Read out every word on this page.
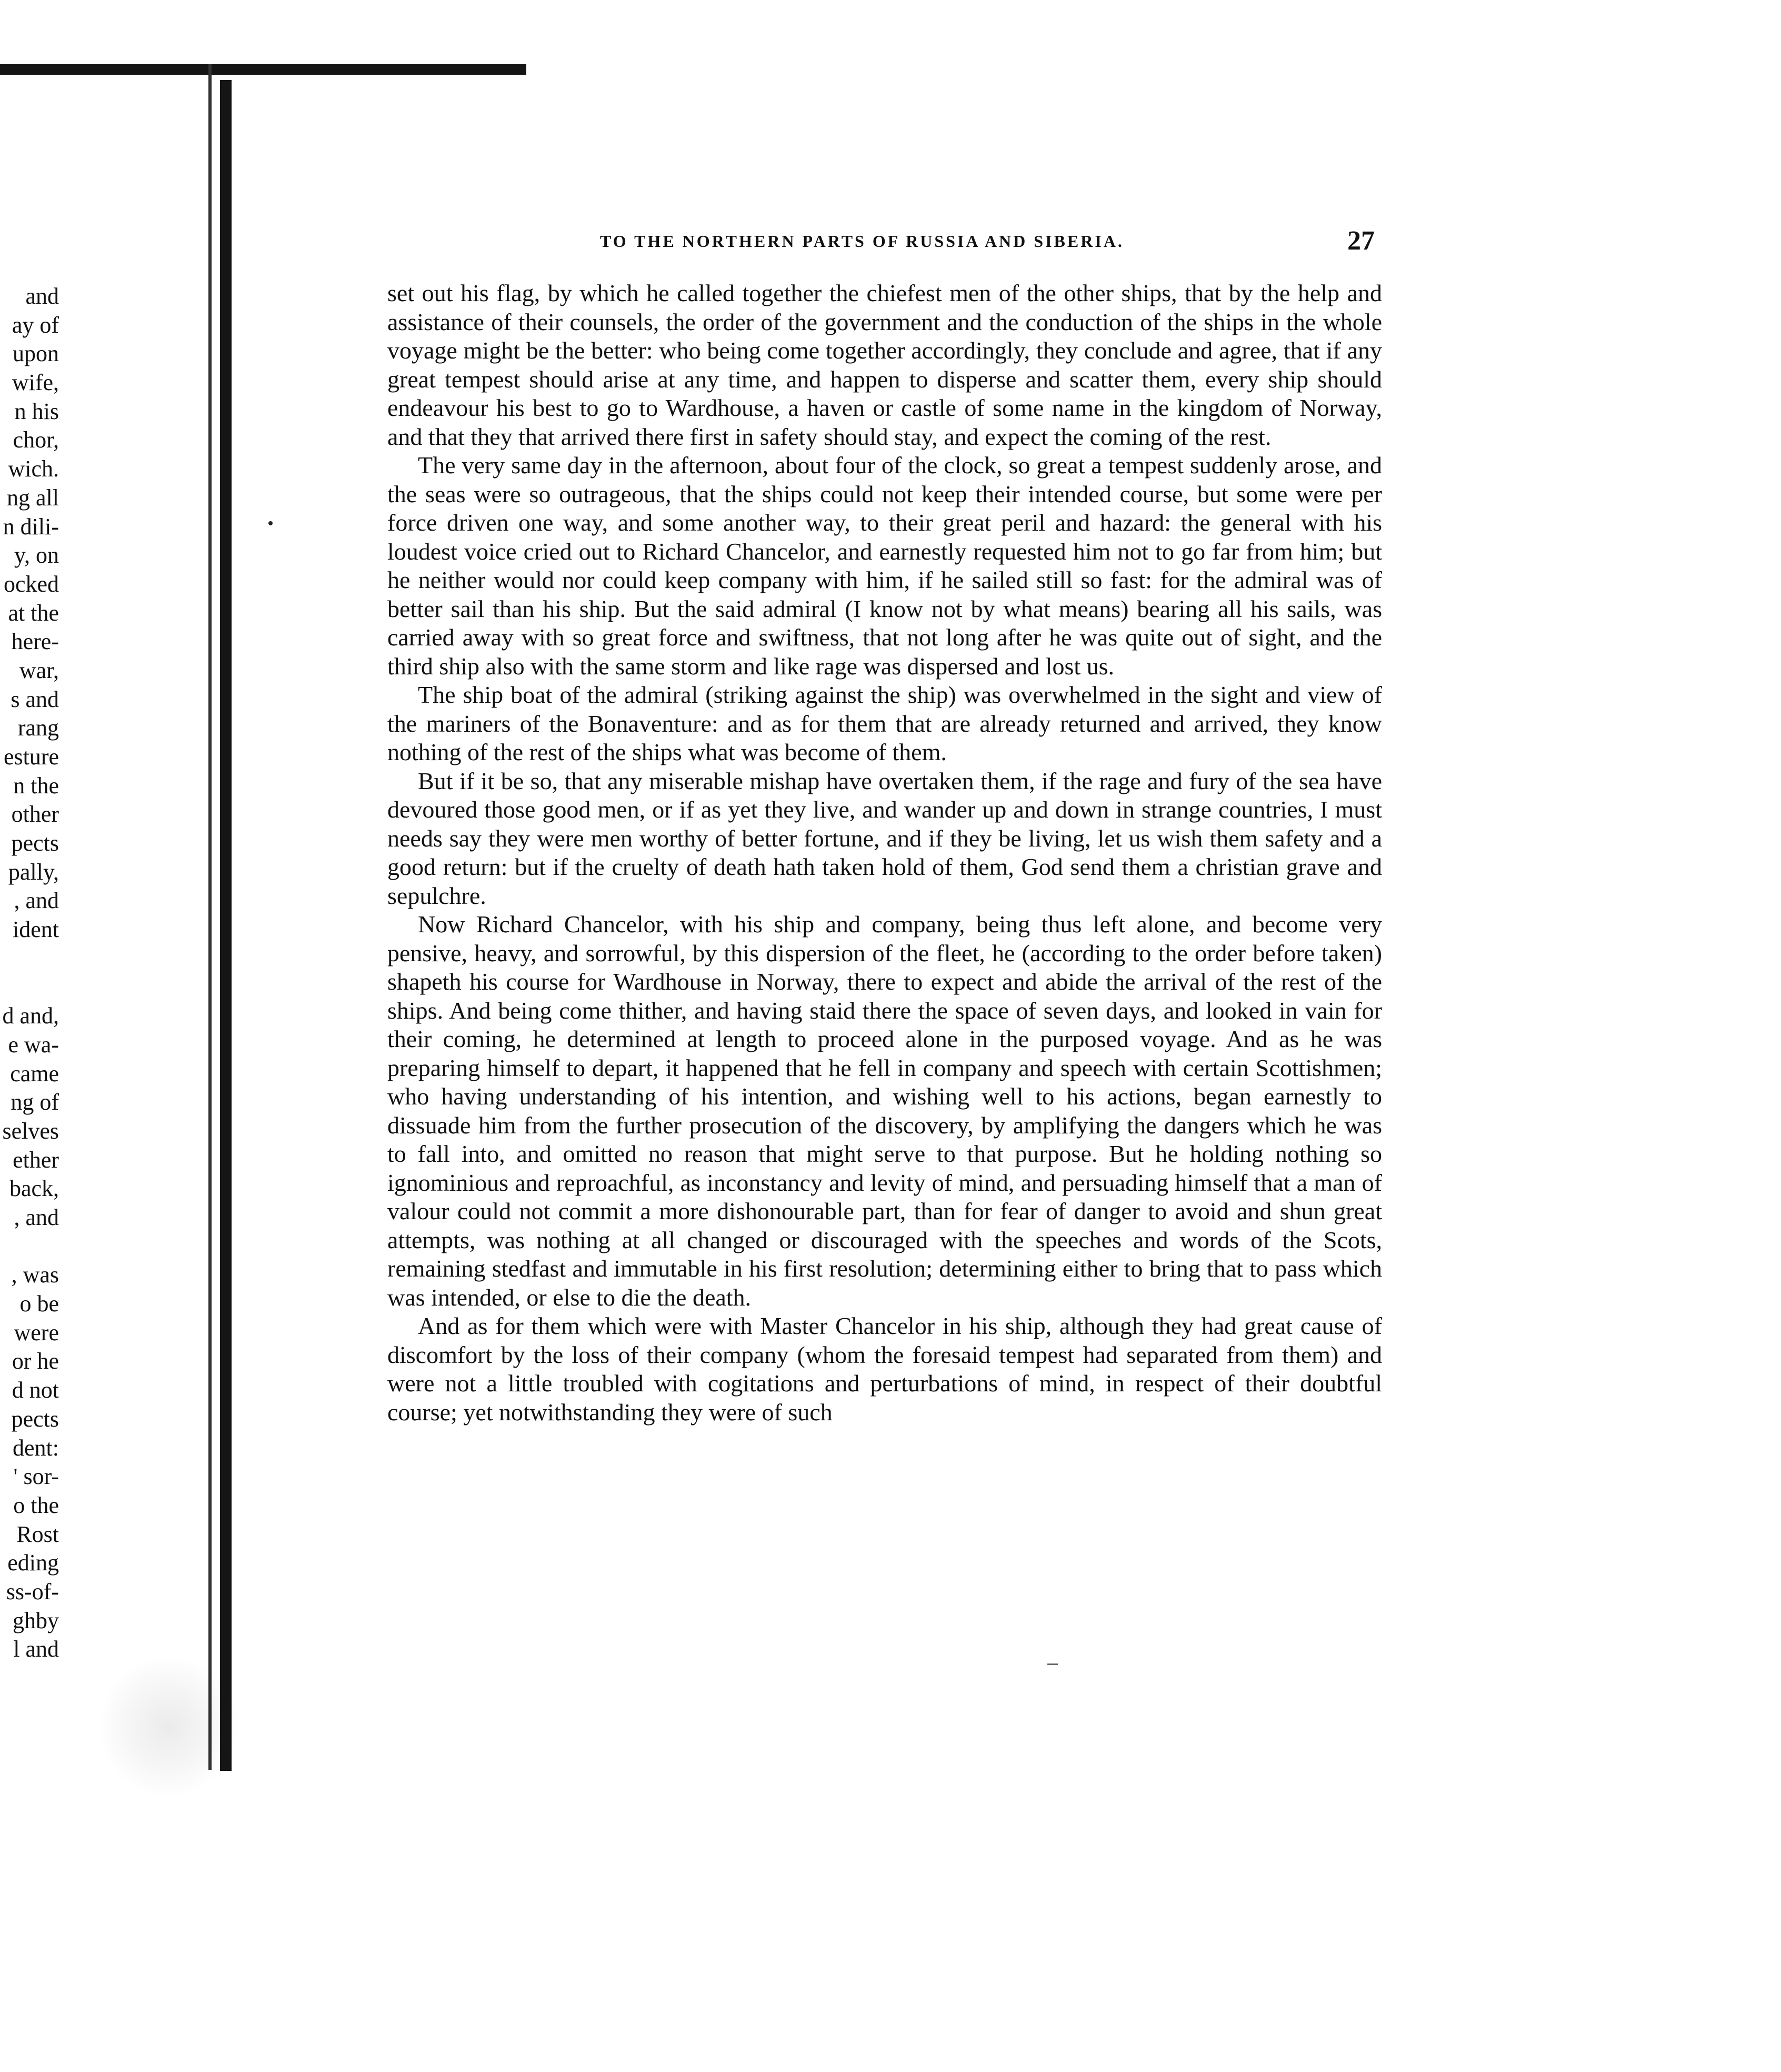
and
ay of
upon
wife,
n his
chor,
wich.
ng all
n dili-
y, on
ocked
at the
here-
war,
s and
rang
esture
n the
other
pects
pally,
, and
ident
d and,
e wa-
came
ng of
selves
ether
back,
, and
, was
o be
were
or he
d not
pects
dent:
' sor-
o the
Rost
eding
ss-of-
ghby
l and
TO THE NORTHERN PARTS OF RUSSIA AND SIBERIA.	27

set out his flag, by which he called together the chiefest men of the other ships, that by the help and assistance of their counsels, the order of the government and the conduction of the ships in the whole voyage might be the better: who being come together accordingly, they conclude and agree, that if any great tempest should arise at any time, and happen to disperse and scatter them, every ship should endeavour his best to go to Wardhouse, a haven or castle of some name in the kingdom of Norway, and that they that arrived there first in safety should stay, and expect the coming of the rest.

The very same day in the afternoon, about four of the clock, so great a tempest suddenly arose, and the seas were so outrageous, that the ships could not keep their intended course, but some were per force driven one way, and some another way, to their great peril and hazard: the general with his loudest voice cried out to Richard Chancelor, and earnestly requested him not to go far from him; but he neither would nor could keep company with him, if he sailed still so fast: for the admiral was of better sail than his ship. But the said admiral (I know not by what means) bearing all his sails, was carried away with so great force and swiftness, that not long after he was quite out of sight, and the third ship also with the same storm and like rage was dispersed and lost us.

The ship boat of the admiral (striking against the ship) was overwhelmed in the sight and view of the mariners of the Bonaventure: and as for them that are already returned and arrived, they know nothing of the rest of the ships what was become of them.

But if it be so, that any miserable mishap have overtaken them, if the rage and fury of the sea have devoured those good men, or if as yet they live, and wander up and down in strange countries, I must needs say they were men worthy of better fortune, and if they be living, let us wish them safety and a good return: but if the cruelty of death hath taken hold of them, God send them a christian grave and sepulchre.

Now Richard Chancelor, with his ship and company, being thus left alone, and become very pensive, heavy, and sorrowful, by this dispersion of the fleet, he (according to the order before taken) shapeth his course for Wardhouse in Norway, there to expect and abide the arrival of the rest of the ships. And being come thither, and having staid there the space of seven days, and looked in vain for their coming, he determined at length to proceed alone in the purposed voyage. And as he was preparing himself to depart, it happened that he fell in company and speech with certain Scottishmen; who having understanding of his intention, and wishing well to his actions, began earnestly to dissuade him from the further prosecution of the discovery, by amplifying the dangers which he was to fall into, and omitted no reason that might serve to that purpose. But he holding nothing so ignominious and reproachful, as inconstancy and levity of mind, and persuading himself that a man of valour could not commit a more dishonourable part, than for fear of danger to avoid and shun great attempts, was nothing at all changed or discouraged with the speeches and words of the Scots, remaining stedfast and immutable in his first resolution; determining either to bring that to pass which was intended, or else to die the death.

And as for them which were with Master Chancelor in his ship, although they had great cause of discomfort by the loss of their company (whom the foresaid tempest had separated from them) and were not a little troubled with cogitations and perturbations of mind, in respect of their doubtful course; yet notwithstanding they were of such
